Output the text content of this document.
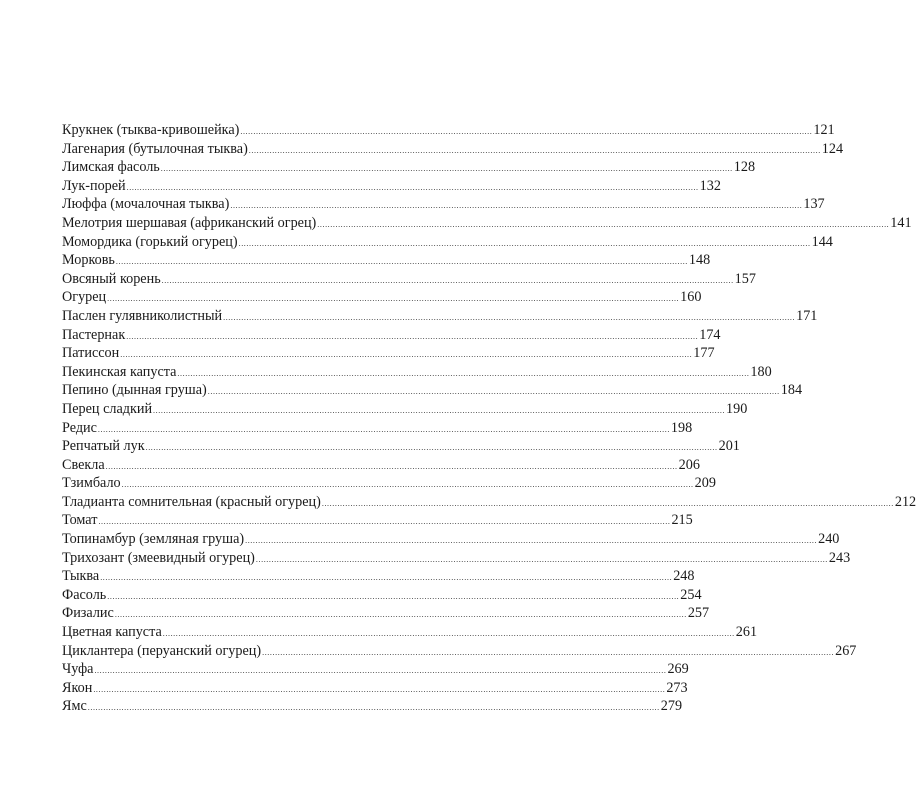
Крукнек (тыква-кривошейка) ............................................................................................................................................................................................................................ 121
Лагенария (бутылочная тыква) ............................................................................................................................................................................................................................ 124
Лимская фасоль ............................................................................................................................................................................................................................ 128
Лук-порей ............................................................................................................................................................................................................................ 132
Люффа (мочалочная тыква) ............................................................................................................................................................................................................................ 137
Мелотрия шершавая (африканский огрец) ............................................................................................................................................................................................................................ 141
Момордика (горький огурец) ............................................................................................................................................................................................................................ 144
Морковь ............................................................................................................................................................................................................................ 148
Овсяный корень ............................................................................................................................................................................................................................ 157
Огурец ............................................................................................................................................................................................................................ 160
Паслен гулявниколистный ............................................................................................................................................................................................................................ 171
Пастернак ............................................................................................................................................................................................................................ 174
Патиссон ............................................................................................................................................................................................................................ 177
Пекинская капуста ............................................................................................................................................................................................................................ 180
Пепино (дынная груша) ............................................................................................................................................................................................................................ 184
Перец сладкий ............................................................................................................................................................................................................................ 190
Редис ............................................................................................................................................................................................................................ 198
Репчатый лук ............................................................................................................................................................................................................................ 201
Свекла ............................................................................................................................................................................................................................ 206
Тзимбало ............................................................................................................................................................................................................................ 209
Тладианта сомнительная (красный огурец) ............................................................................................................................................................................................................................ 212
Томат ............................................................................................................................................................................................................................ 215
Топинамбур (земляная груша) ............................................................................................................................................................................................................................ 240
Трихозант (змеевидный огурец) ............................................................................................................................................................................................................................ 243
Тыква ............................................................................................................................................................................................................................ 248
Фасоль ............................................................................................................................................................................................................................ 254
Физалис ............................................................................................................................................................................................................................ 257
Цветная капуста ............................................................................................................................................................................................................................ 261
Циклантера (перуанский огурец) ............................................................................................................................................................................................................................ 267
Чуфа ............................................................................................................................................................................................................................ 269
Якон ............................................................................................................................................................................................................................ 273
Ямс ............................................................................................................................................................................................................................ 279
